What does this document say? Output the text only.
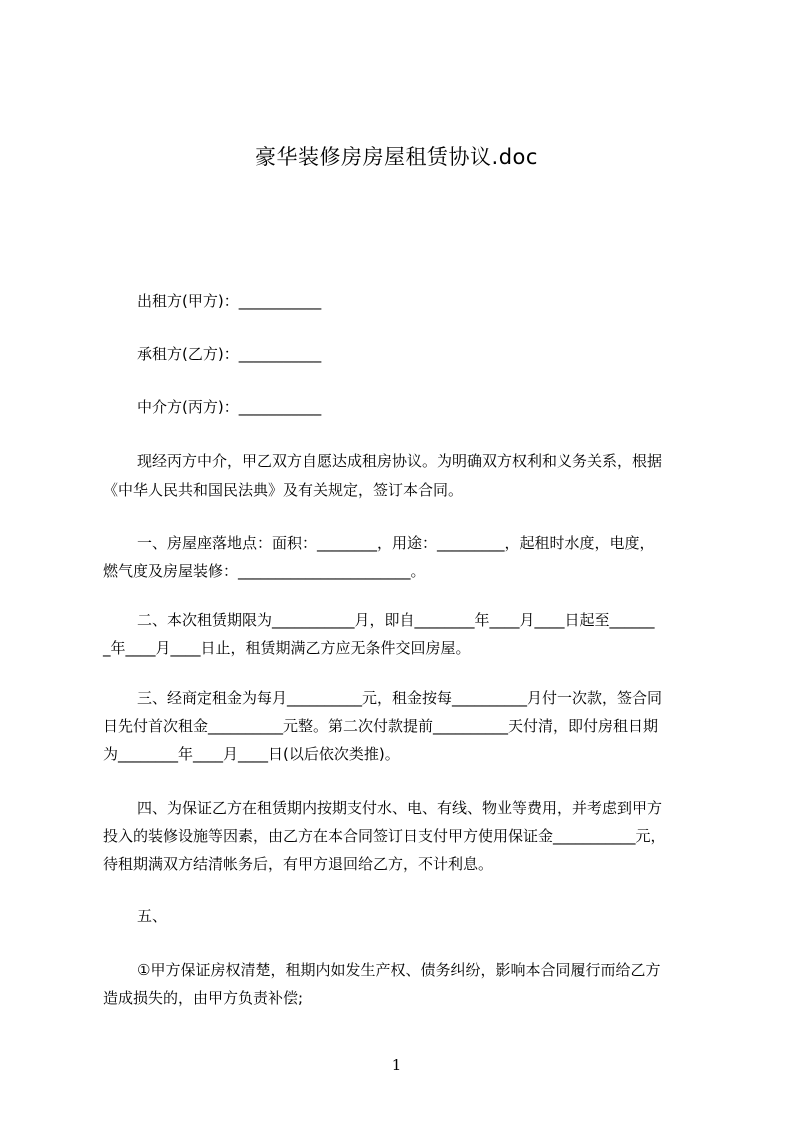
豪华装修房房屋租赁协议.doc
出租方(甲方)：___________
承租方(乙方)：___________
中介方(丙方)：___________
现经丙方中介，甲乙双方自愿达成租房协议。为明确双方权利和义务关系，根据
《中华人民共和国民法典》及有关规定，签订本合同。
一、房屋座落地点：面积：________，用途：_________，起租时水度，电度，
燃气度及房屋装修：_______________________。
二、本次租赁期限为___________月，即自________年____月____日起至______
_年____月____日止，租赁期满乙方应无条件交回房屋。
三、经商定租金为每月__________元，租金按每__________月付一次款，签合同
日先付首次租金__________元整。第二次付款提前__________天付清，即付房租日期
为________年____月____日(以后依次类推)。
四、为保证乙方在租赁期内按期支付水、电、有线、物业等费用，并考虑到甲方
投入的装修设施等因素，由乙方在本合同签订日支付甲方使用保证金___________元，
待租期满双方结清帐务后，有甲方退回给乙方，不计利息。
五、
①甲方保证房权清楚，租期内如发生产权、债务纠纷，影响本合同履行而给乙方
造成损失的，由甲方负责补偿;
1
